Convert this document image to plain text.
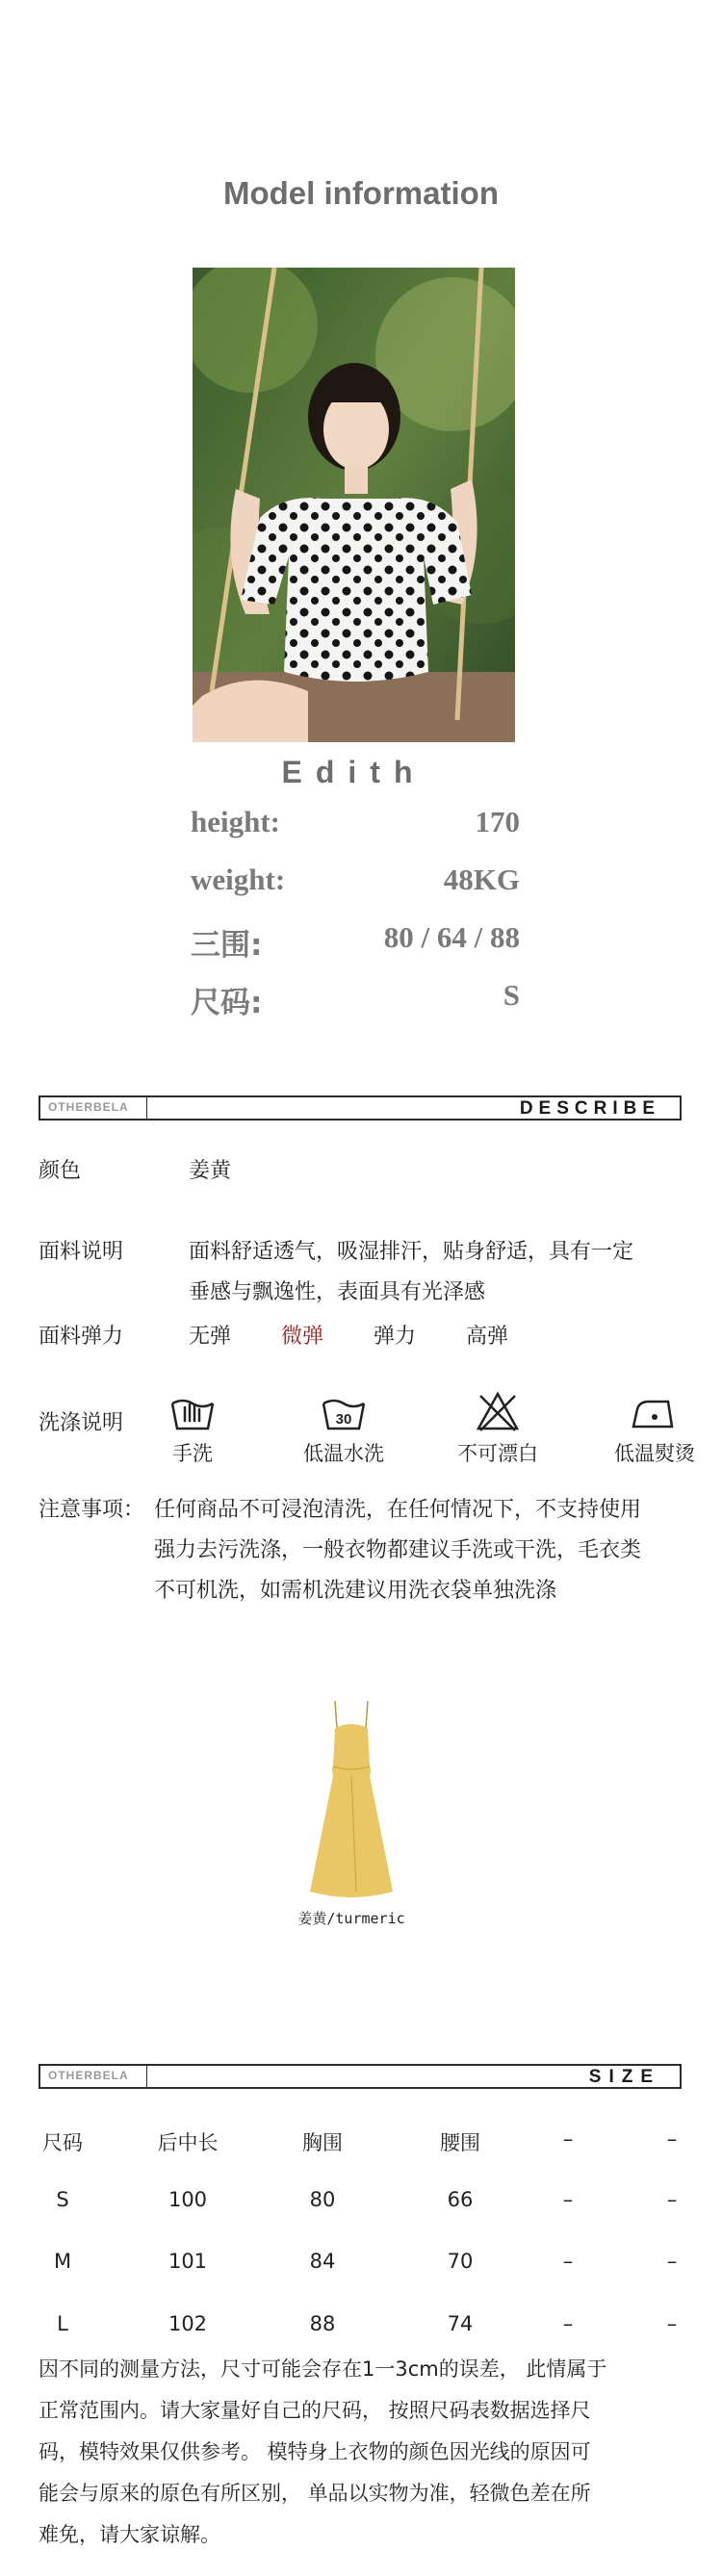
Model information
Edith
height:	170
weight:	48KG
三围:	80 / 64 / 88
尺码:	S
OTHERBELA	DESCRIBE
颜色	姜黄
面料说明	面料舒适透气，吸湿排汗，贴身舒适，具有一定
垂感与飘逸性，表面具有光泽感
面料弹力	无弹 微弹 弹力 高弹
洗涤说明
手洗
30
低温水洗	不可漂白	低温熨烫
注意事项： 任何商品不可浸泡清洗，在任何情况下，不支持使用
强力去污洗涤，一般衣物都建议手洗或干洗，毛衣类
不可机洗，如需机洗建议用洗衣袋单独洗涤
姜黄/turmeric
OTHERBELA	SIZE
尺码	后中长	胸围	腰围	–	–
S	100	80	66	–	–
M	101	84	70	–	–
L	102	88	74	–	–
因不同的测量方法，尺寸可能会存在1一3cm的误差， 此情属于
正常范围内。请大家量好自己的尺码， 按照尺码表数据选择尺
码，模特效果仅供参考。 模特身上衣物的颜色因光线的原因可
能会与原来的原色有所区别， 单品以实物为准，轻微色差在所
难免，请大家谅解。
